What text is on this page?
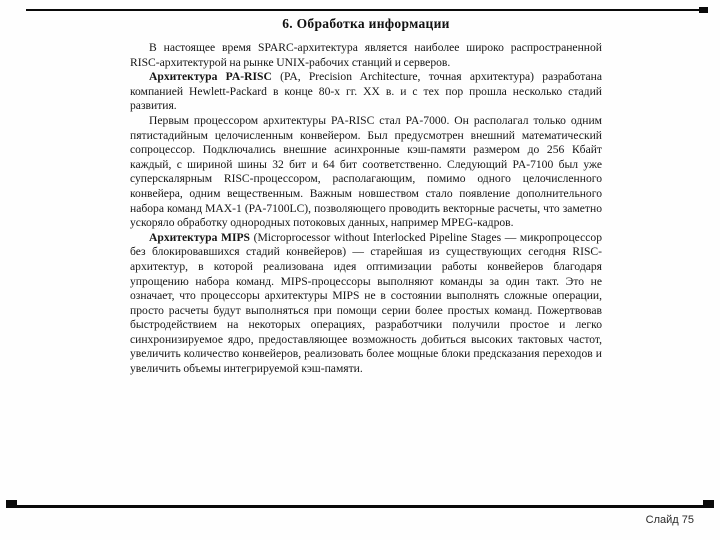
6. Обработка информации

В настоящее время SPARC-архитектура является наиболее широко распространенной RISC-архитектурой на рынке UNIX-рабочих станций и серверов.

Архитектура PA-RISC (PA, Precision Architecture, точная архитектура) разработана компанией Hewlett-Packard в конце 80-х гг. XX в. и с тех пор прошла несколько стадий развития.

Первым процессором архитектуры PA-RISC стал PA-7000. Он располагал только одним пятистадийным целочисленным конвейером. Был предусмотрен внешний математический сопроцессор. Подключались внешние асинхронные кэш-памяти размером до 256 Кбайт каждый, с шириной шины 32 бит и 64 бит соответственно. Следующий PA-7100 был уже суперскалярным RISC-процессором, располагающим, помимо одного целочисленного конвейера, одним вещественным. Важным новшеством стало появление дополнительного набора команд MAX-1 (PA-7100LC), позволяющего проводить векторные расчеты, что заметно ускоряло обработку однородных потоковых данных, например MPEG-кадров.

Архитектура MIPS (Microprocessor without Interlocked Pipeline Stages — микропроцессор без блокировавшихся стадий конвейеров) — старейшая из существующих сегодня RISC-архитектур, в которой реализована идея оптимизации работы конвейеров благодаря упрощению набора команд. MIPS-процессоры выполняют команды за один такт. Это не означает, что процессоры архитектуры MIPS не в состоянии выполнять сложные операции, просто расчеты будут выполняться при помощи серии более простых команд. Пожертвовав быстродействием на некоторых операциях, разработчики получили простое и легко синхронизируемое ядро, предоставляющее возможность добиться высоких тактовых частот, увеличить количество конвейеров, реализовать более мощные блоки предсказания переходов и увеличить объемы интегрируемой кэш-памяти.

Слайд 75
